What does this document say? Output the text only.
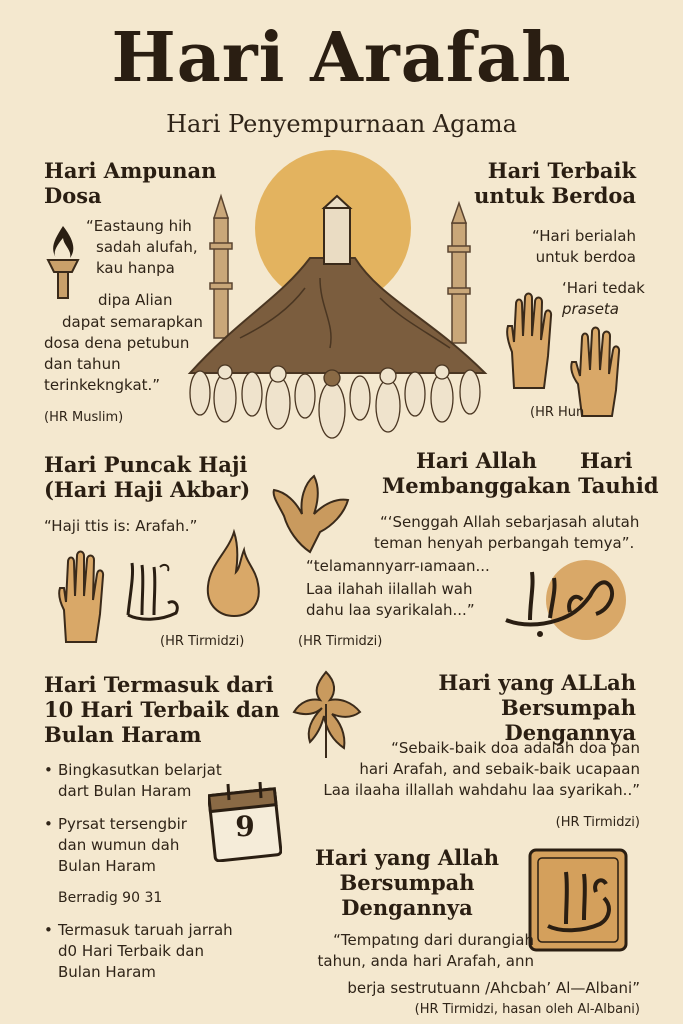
Hari Arafah
Hari Penyempurnaan Agama
Hari Ampunan
Dosa
“Eastaung hih
sadah alufah,
kau hanpa
dipa Alian
dapat semarapkan
dosa dena petubun
dan tahun
terinkekngkat.”
(HR Muslim)
Hari Terbaik
untuk Berdoa
“Hari berialah
untuk berdoa
‘Hari tedak
praseta
(HR Hun
Hari Puncak Haji
(Hari Haji Akbar)
“Haji ttis is: Arafah.”
(HR Tirmidzi)
Hari Allah Hari
Membanggakan Tauhid
“‘Senggah Allah sebarjasah alutah
teman henyah perbangah temya”.
“telamannyarr-ıamaan...
Laa ilahah iilallah wah
dahu laa syarikalah...”
(HR Tirmidzi)
Hari Termasuk dari
10 Hari Terbaik dan
Bulan Haram
• Bingkasutkan belarjat
dart Bulan Haram
• Pyrsat tersengbir
dan wumun dah
Bulan Haram
Berradig 90 31
• Termasuk taruah jarrah
d0 Hari Terbaik dan
Bulan Haram
9
Hari yang ALLah
Bersumpah Dengannya
“Sebaik-baik doa adalah doa pan
hari Arafah, and sebaik-baik ucapaan
Laa ilaaha illallah wahdahu laa syarikah..”
(HR Tirmidzi)
Hari yang Allah
Bersumpah
Dengannya
“Tempatıng dari durangiah
tahun, anda hari Arafah, ann
berja sestrutuann /Ahcbah’ Al—Albani”
(HR Tirmidzi, hasan oleh Al-Albani)
